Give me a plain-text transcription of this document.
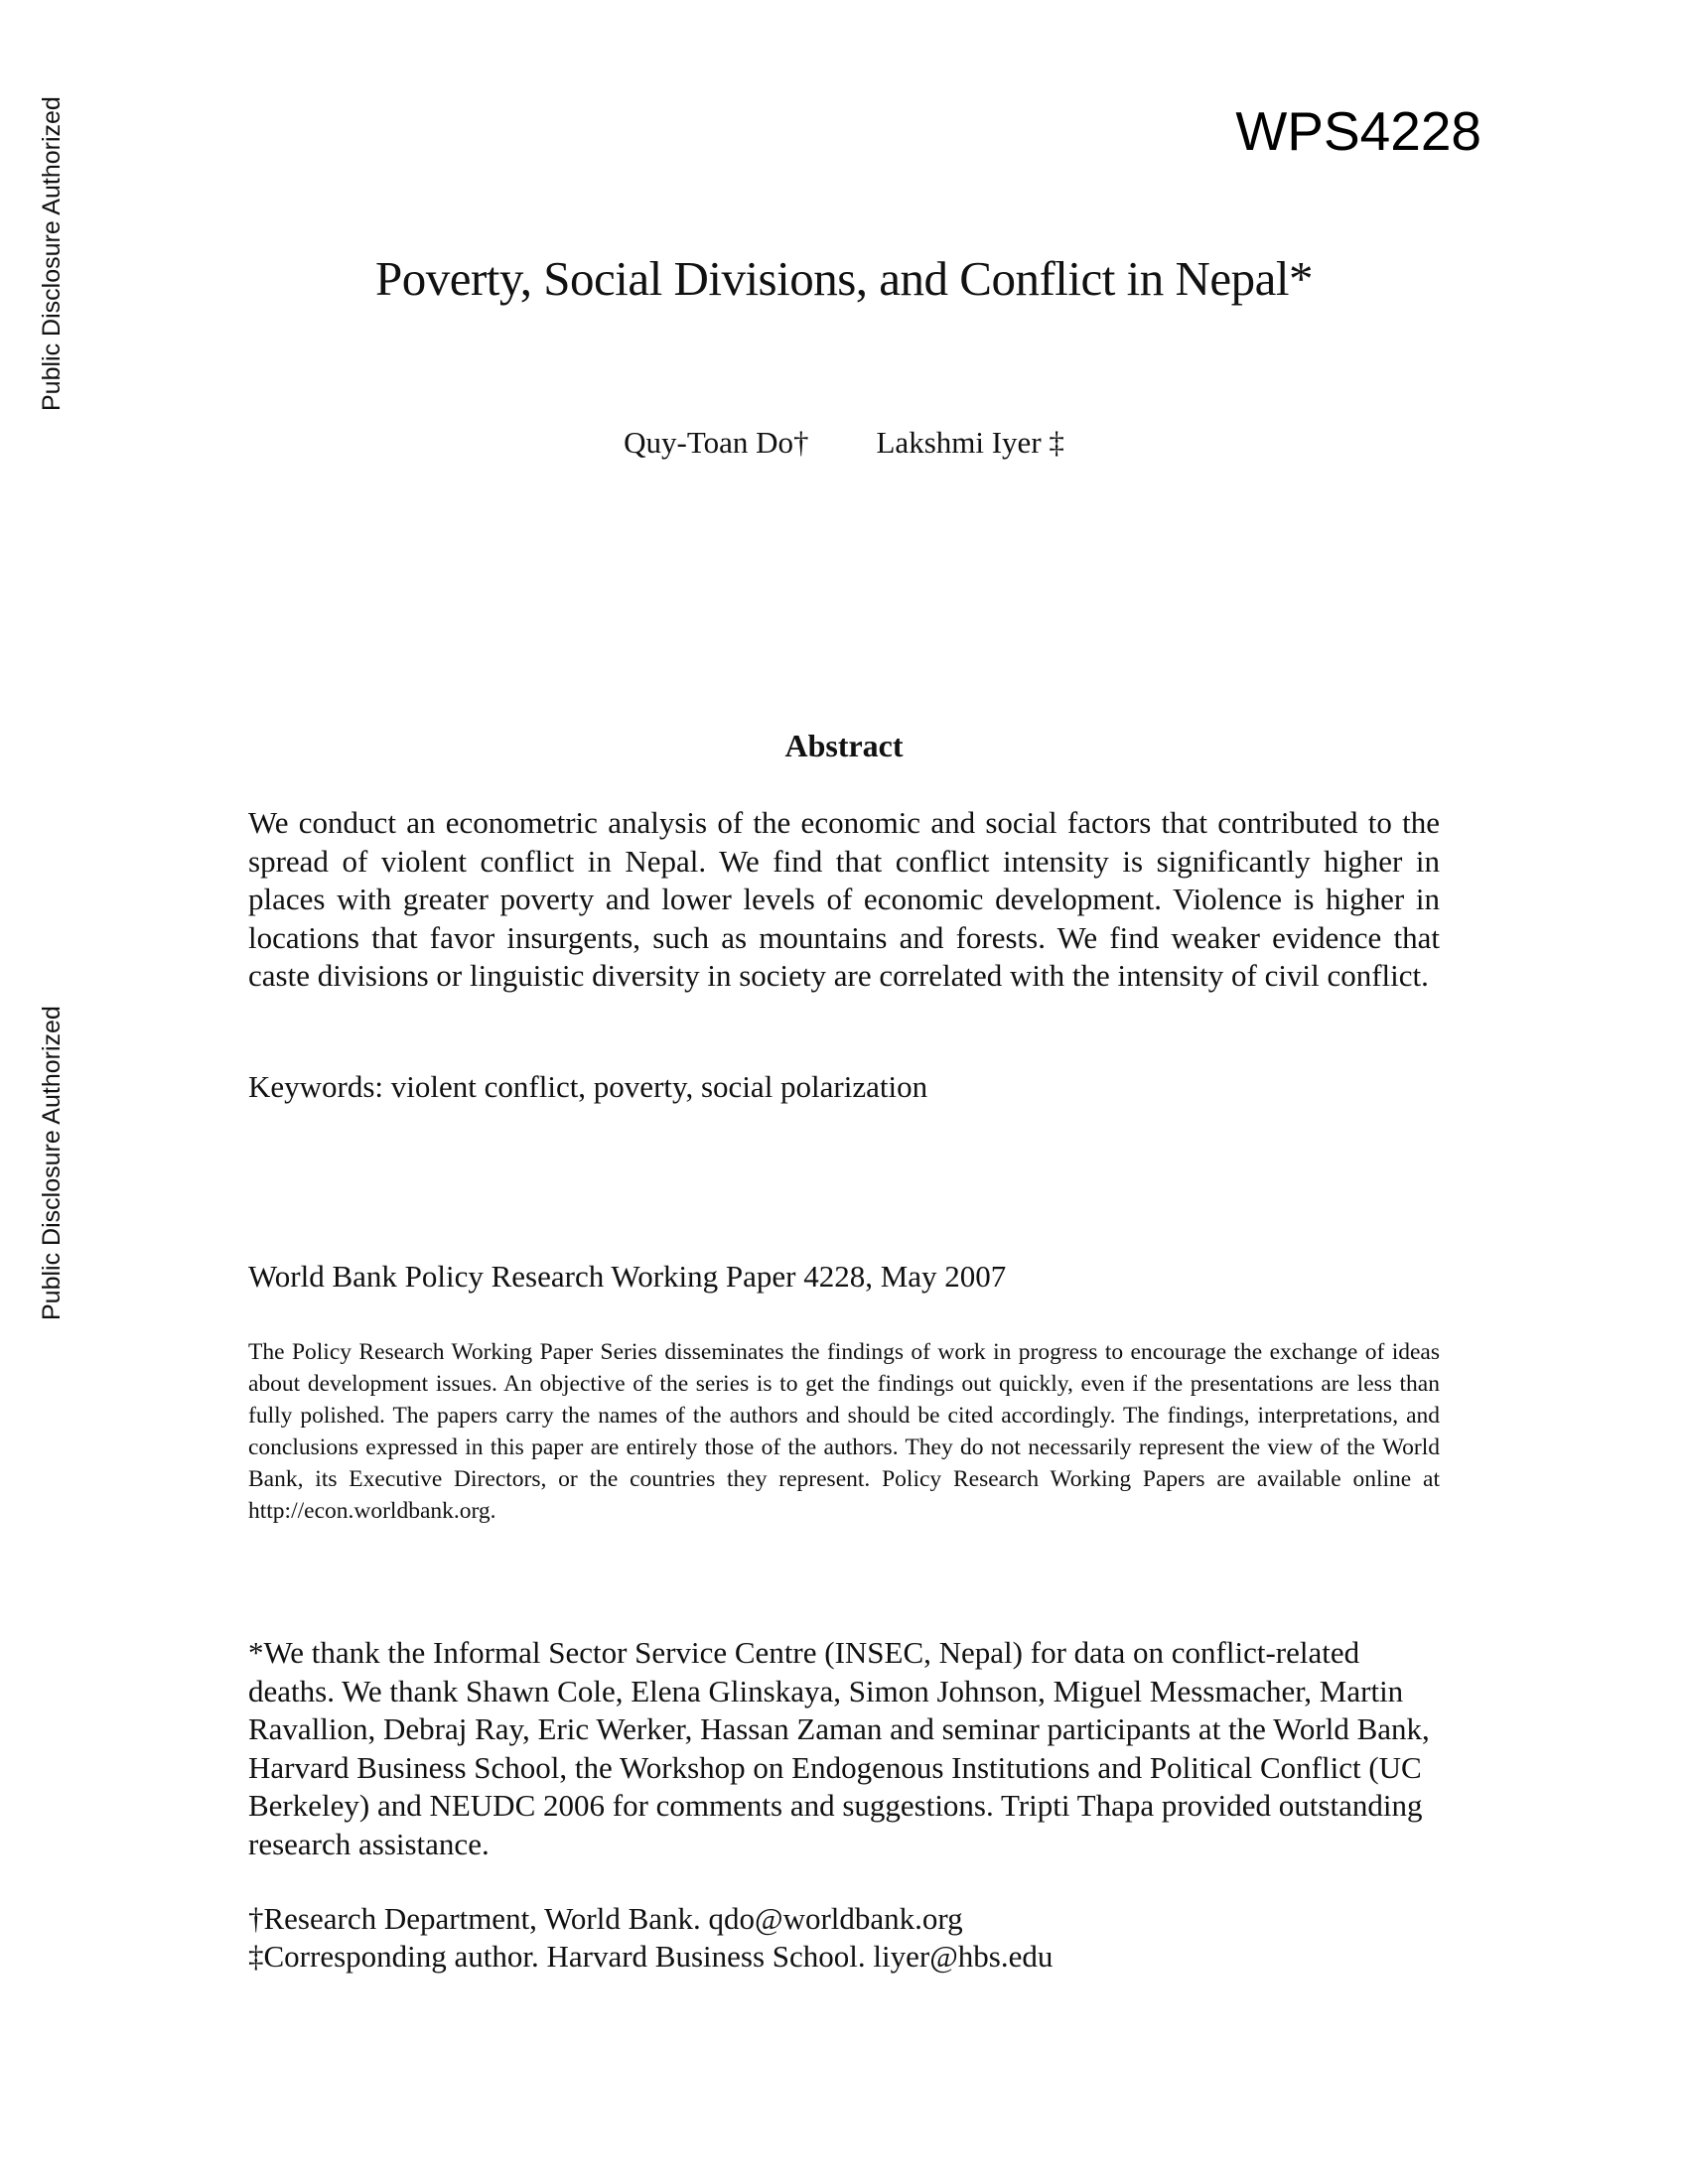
Public Disclosure Authorized
Public Disclosure Authorized
WPS4228
Poverty, Social Divisions, and Conflict in Nepal*
Quy-Toan Do† Lakshmi Iyer ‡
Abstract
We conduct an econometric analysis of the economic and social factors that contributed to the spread of violent conflict in Nepal. We find that conflict intensity is significantly higher in places with greater poverty and lower levels of economic development. Violence is higher in locations that favor insurgents, such as mountains and forests. We find weaker evidence that caste divisions or linguistic diversity in society are correlated with the intensity of civil conflict.
Keywords: violent conflict, poverty, social polarization
World Bank Policy Research Working Paper 4228, May 2007
The Policy Research Working Paper Series disseminates the findings of work in progress to encourage the exchange of ideas about development issues. An objective of the series is to get the findings out quickly, even if the presentations are less than fully polished. The papers carry the names of the authors and should be cited accordingly. The findings, interpretations, and conclusions expressed in this paper are entirely those of the authors. They do not necessarily represent the view of the World Bank, its Executive Directors, or the countries they represent. Policy Research Working Papers are available online at http://econ.worldbank.org.
*We thank the Informal Sector Service Centre (INSEC, Nepal) for data on conflict-related deaths. We thank Shawn Cole, Elena Glinskaya, Simon Johnson, Miguel Messmacher, Martin Ravallion, Debraj Ray, Eric Werker, Hassan Zaman and seminar participants at the World Bank, Harvard Business School, the Workshop on Endogenous Institutions and Political Conflict (UC Berkeley) and NEUDC 2006 for comments and suggestions. Tripti Thapa provided outstanding research assistance.
†Research Department, World Bank. qdo@worldbank.org
‡Corresponding author. Harvard Business School. liyer@hbs.edu
